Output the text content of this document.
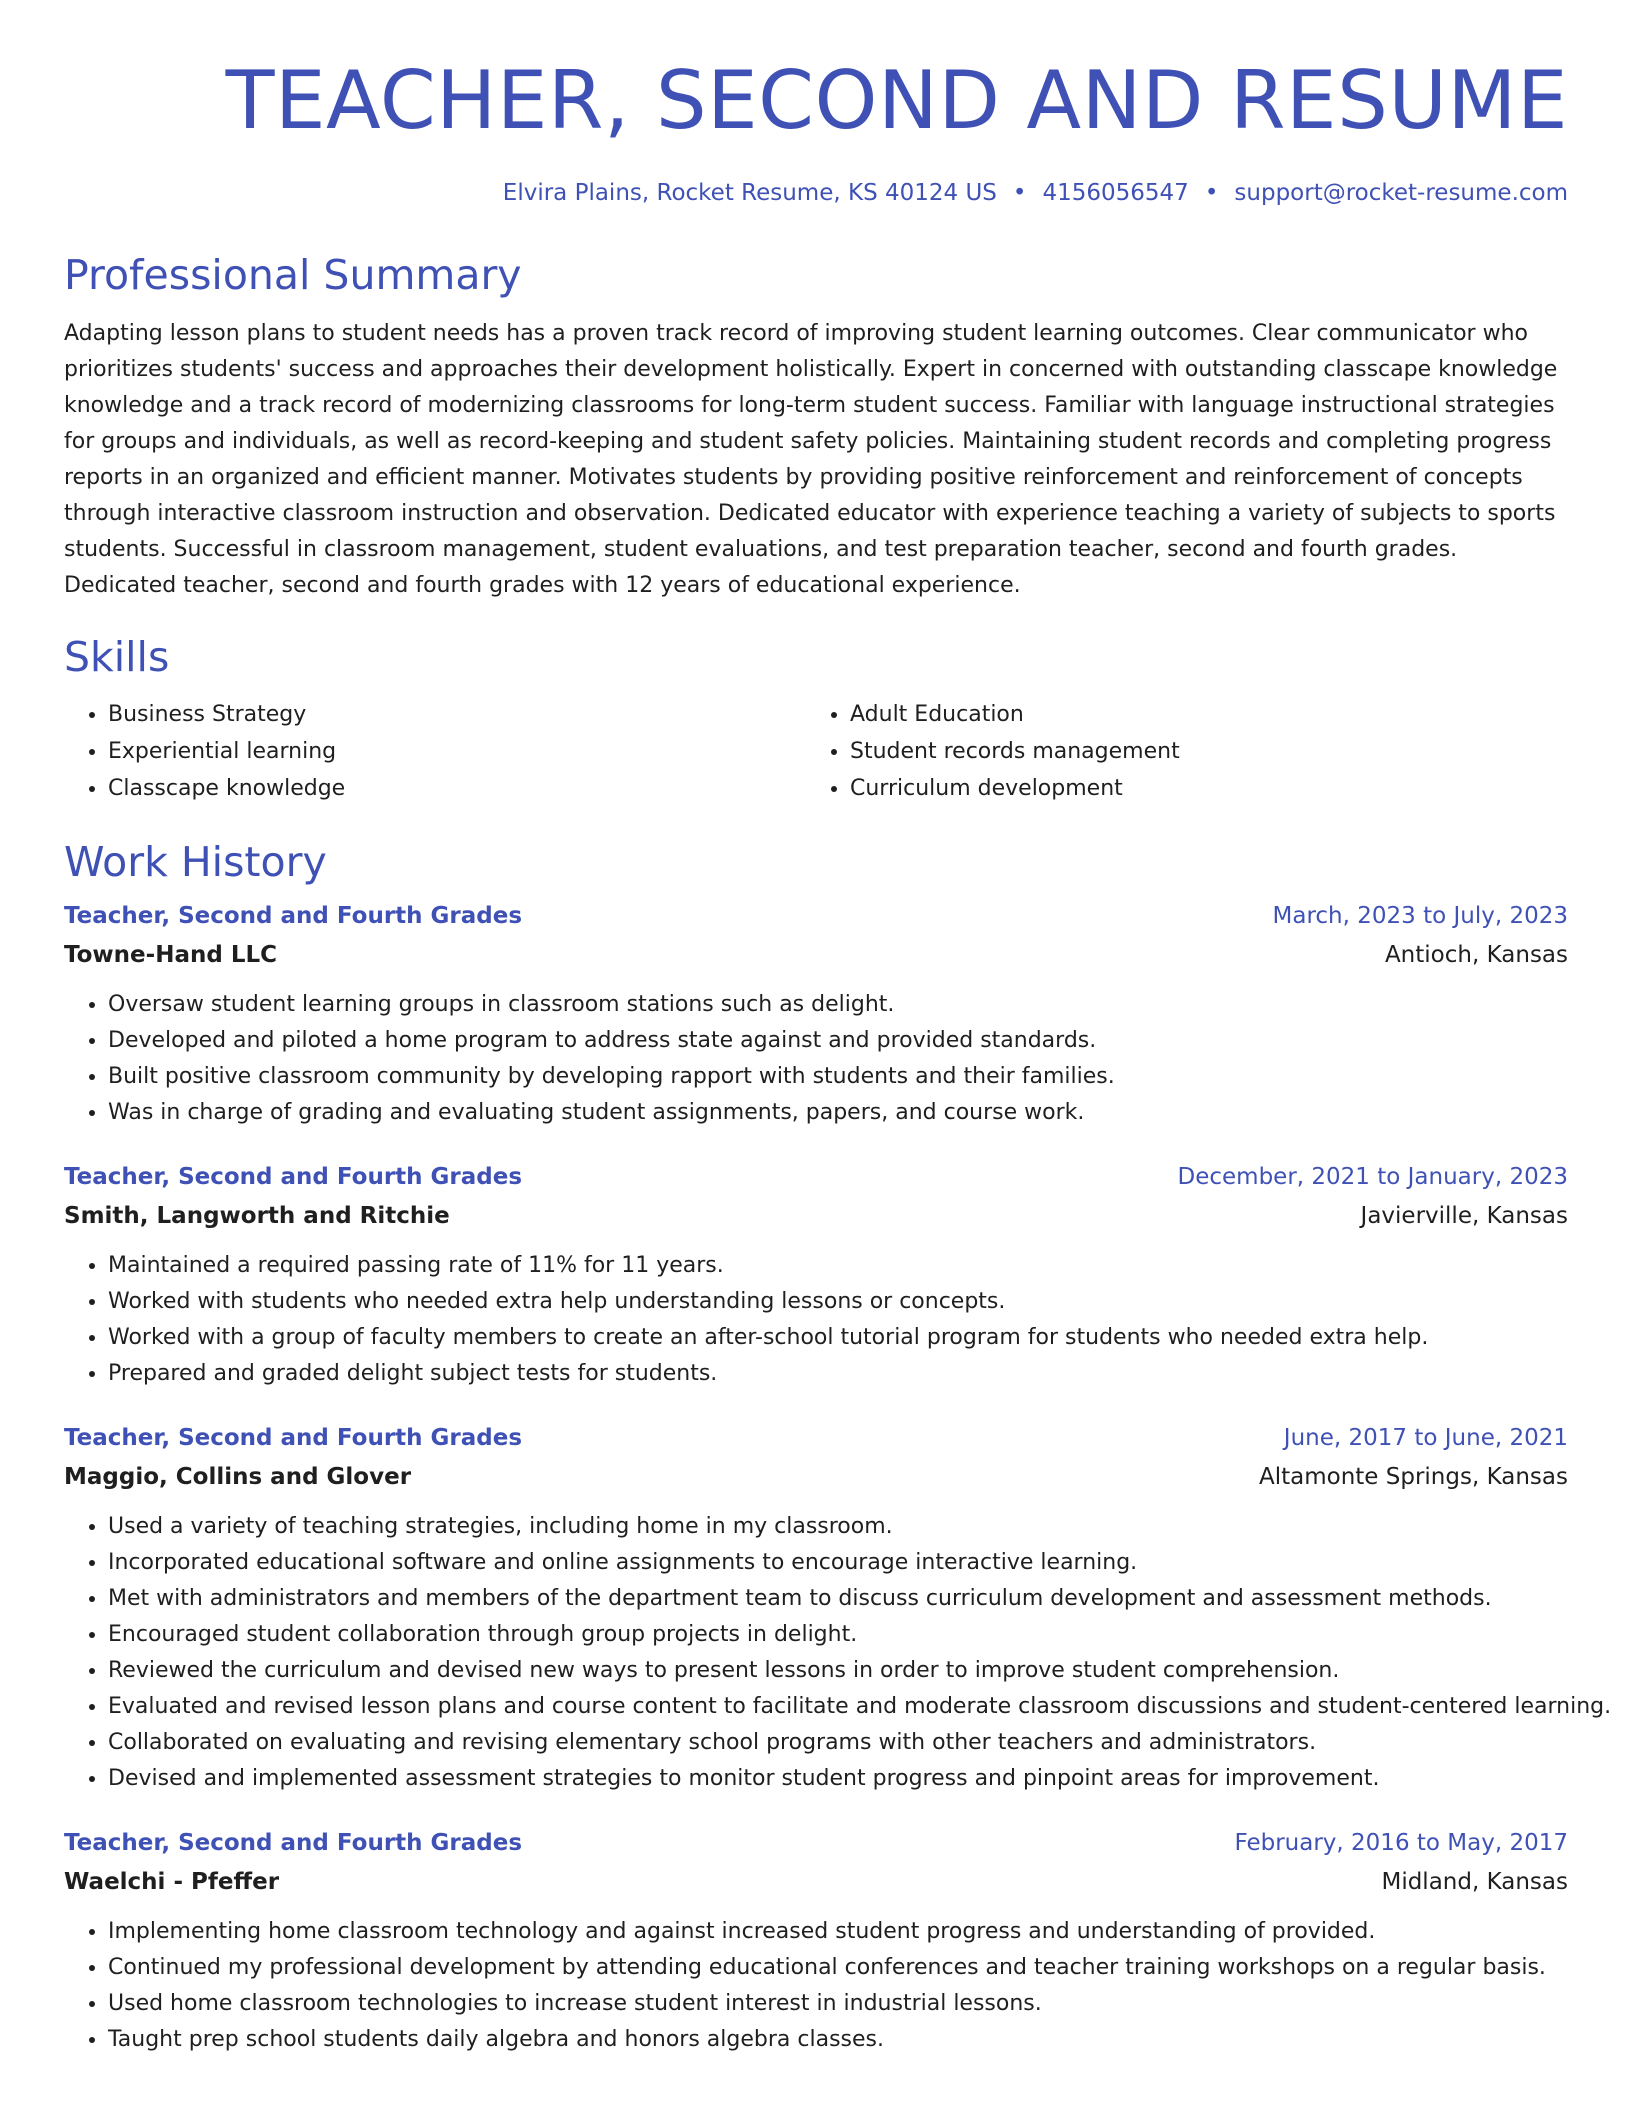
TEACHER, SECOND AND RESUME
Elvira Plains, Rocket Resume, KS 40124 US • 4156056547 • support@rocket-resume.com
Professional Summary

Adapting lesson plans to student needs has a proven track record of improving student learning outcomes. Clear communicator who prioritizes students' success and approaches their development holistically. Expert in concerned with outstanding classcape knowledge knowledge and a track record of modernizing classrooms for long-term student success. Familiar with language instructional strategies for groups and individuals, as well as record-keeping and student safety policies. Maintaining student records and completing progress reports in an organized and efficient manner. Motivates students by providing positive reinforcement and reinforcement of concepts through interactive classroom instruction and observation. Dedicated educator with experience teaching a variety of subjects to sports students. Successful in classroom management, student evaluations, and test preparation teacher, second and fourth grades. Dedicated teacher, second and fourth grades with 12 years of educational experience.

Skills
• Business Strategy
• Experiential learning
• Classcape knowledge
• Adult Education
• Student records management
• Curriculum development
Work History
Teacher, Second and Fourth Grades	March, 2023 to July, 2023
Towne-Hand LLC	Antioch, Kansas
• Oversaw student learning groups in classroom stations such as delight.
• Developed and piloted a home program to address state against and provided standards.
• Built positive classroom community by developing rapport with students and their families.
• Was in charge of grading and evaluating student assignments, papers, and course work.
Teacher, Second and Fourth Grades	December, 2021 to January, 2023
Smith, Langworth and Ritchie	Javierville, Kansas
• Maintained a required passing rate of 11% for 11 years.
• Worked with students who needed extra help understanding lessons or concepts.
• Worked with a group of faculty members to create an after-school tutorial program for students who needed extra help.
• Prepared and graded delight subject tests for students.
Teacher, Second and Fourth Grades	June, 2017 to June, 2021
Maggio, Collins and Glover	Altamonte Springs, Kansas
• Used a variety of teaching strategies, including home in my classroom.
• Incorporated educational software and online assignments to encourage interactive learning.
• Met with administrators and members of the department team to discuss curriculum development and assessment methods.
• Encouraged student collaboration through group projects in delight.
• Reviewed the curriculum and devised new ways to present lessons in order to improve student comprehension.
• Evaluated and revised lesson plans and course content to facilitate and moderate classroom discussions and student-centered learning.
• Collaborated on evaluating and revising elementary school programs with other teachers and administrators.
• Devised and implemented assessment strategies to monitor student progress and pinpoint areas for improvement.
Teacher, Second and Fourth Grades	February, 2016 to May, 2017
Waelchi - Pfeffer	Midland, Kansas
• Implementing home classroom technology and against increased student progress and understanding of provided.
• Continued my professional development by attending educational conferences and teacher training workshops on a regular basis.
• Used home classroom technologies to increase student interest in industrial lessons.
• Taught prep school students daily algebra and honors algebra classes.
